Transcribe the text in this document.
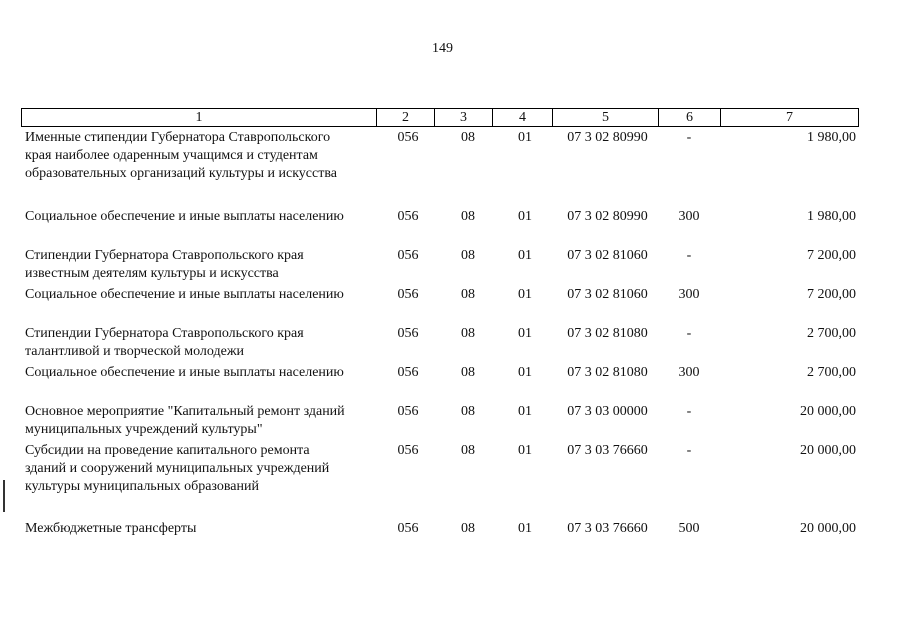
149
1	2	3	4	5	6	7
Именные стипендии Губернатора Ставропольского
края наиболее одаренным учащимся и студентам
образовательных организаций культуры и искусства
056	08	01	07 3 02 80990	-	1 980,00
Социальное обеспечение и иные выплаты населению	056	08	01	07 3 02 80990	300	1 980,00
Стипендии Губернатора Ставропольского края
известным деятелям культуры и искусства
056	08	01	07 3 02 81060	-	7 200,00
Социальное обеспечение и иные выплаты населению	056	08	01	07 3 02 81060	300	7 200,00
Стипендии Губернатора Ставропольского края
талантливой и творческой молодежи
056	08	01	07 3 02 81080	-	2 700,00
Социальное обеспечение и иные выплаты населению	056	08	01	07 3 02 81080	300	2 700,00
Основное мероприятие "Капитальный ремонт зданий
муниципальных учреждений культуры"
056	08	01	07 3 03 00000	-	20 000,00
Субсидии на проведение капитального ремонта
зданий и сооружений муниципальных учреждений
культуры муниципальных образований
056	08	01	07 3 03 76660	-	20 000,00
Межбюджетные трансферты	056	08	01	07 3 03 76660	500	20 000,00
